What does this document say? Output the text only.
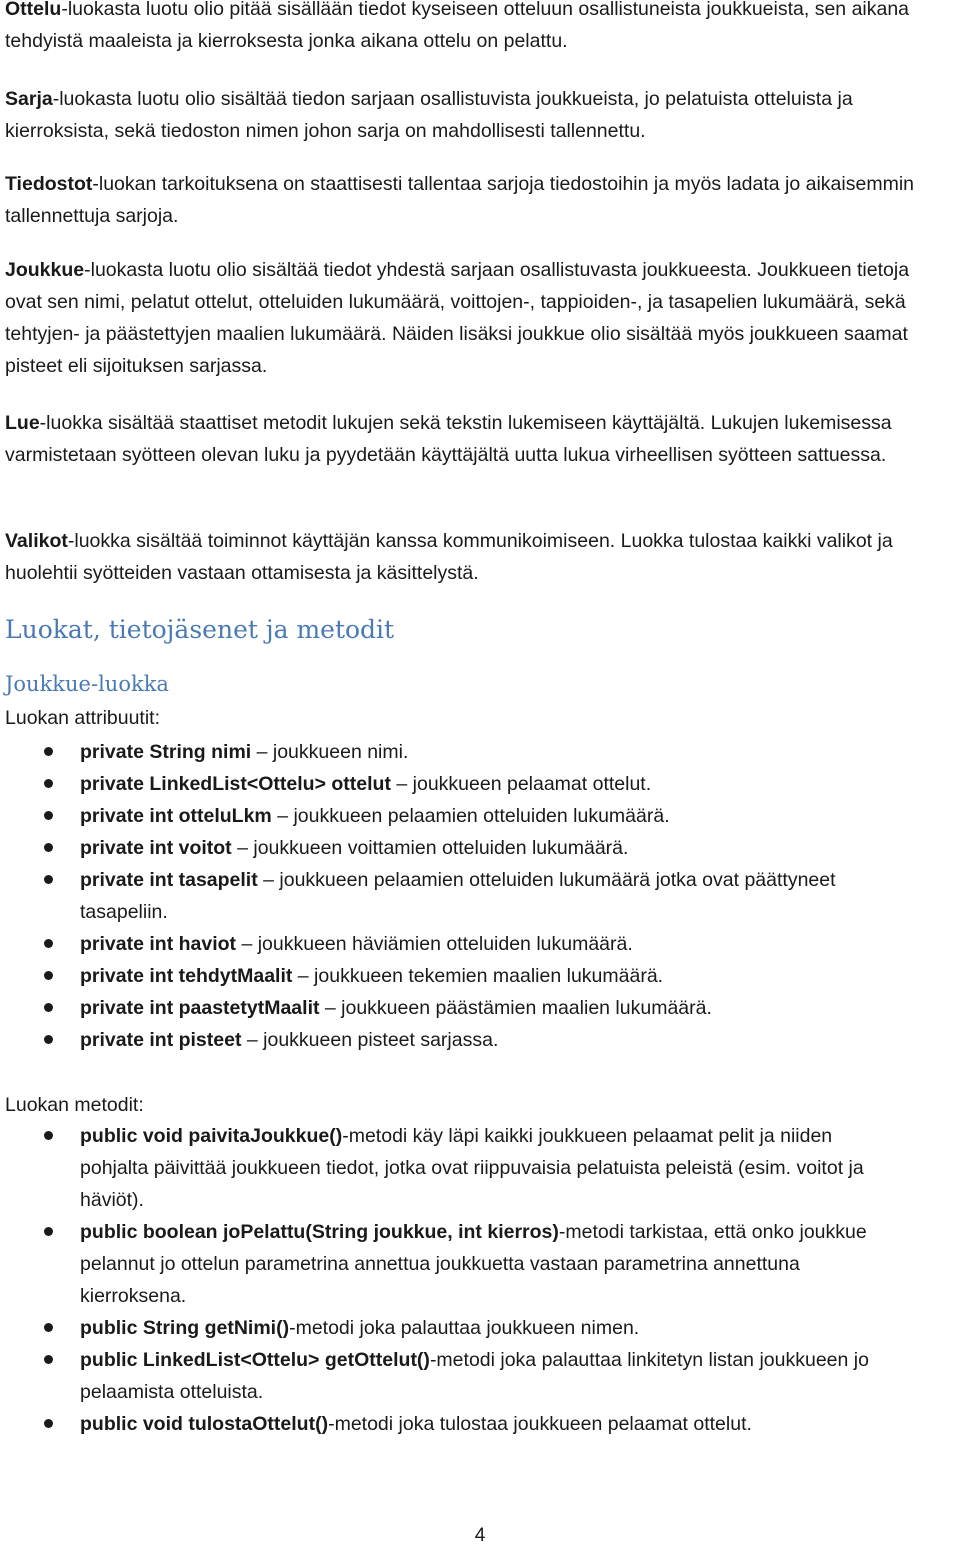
Ottelu-luokasta luotu olio pitää sisällään tiedot kyseiseen otteluun osallistuneista joukkueista, sen aikana tehdyistä maaleista ja kierroksesta jonka aikana ottelu on pelattu.

Sarja-luokasta luotu olio sisältää tiedon sarjaan osallistuvista joukkueista, jo pelatuista otteluista ja kierroksista, sekä tiedoston nimen johon sarja on mahdollisesti tallennettu.

Tiedostot-luokan tarkoituksena on staattisesti tallentaa sarjoja tiedostoihin ja myös ladata jo aikaisemmin tallennettuja sarjoja.

Joukkue-luokasta luotu olio sisältää tiedot yhdestä sarjaan osallistuvasta joukkueesta. Joukkueen tietoja ovat sen nimi, pelatut ottelut, otteluiden lukumäärä, voittojen-, tappioiden-, ja tasapelien lukumäärä, sekä tehtyjen- ja päästettyjen maalien lukumäärä. Näiden lisäksi joukkue olio sisältää myös joukkueen saamat pisteet eli sijoituksen sarjassa.

Lue-luokka sisältää staattiset metodit lukujen sekä tekstin lukemiseen käyttäjältä. Lukujen lukemisessa varmistetaan syötteen olevan luku ja pyydetään käyttäjältä uutta lukua virheellisen syötteen sattuessa.

Valikot-luokka sisältää toiminnot käyttäjän kanssa kommunikoimiseen. Luokka tulostaa kaikki valikot ja huolehtii syötteiden vastaan ottamisesta ja käsittelystä.

Luokat, tietojäsenet ja metodit
Joukkue-luokka

Luokan attribuutit:

private String nimi – joukkueen nimi.
private LinkedList<Ottelu> ottelut – joukkueen pelaamat ottelut.
private int otteluLkm – joukkueen pelaamien otteluiden lukumäärä.
private int voitot – joukkueen voittamien otteluiden lukumäärä.
private int tasapelit – joukkueen pelaamien otteluiden lukumäärä jotka ovat päättyneet tasapeliin.
private int haviot – joukkueen häviämien otteluiden lukumäärä.
private int tehdytMaalit – joukkueen tekemien maalien lukumäärä.
private int paastetytMaalit – joukkueen päästämien maalien lukumäärä.
private int pisteet – joukkueen pisteet sarjassa.

Luokan metodit:

public void paivitaJoukkue()-metodi käy läpi kaikki joukkueen pelaamat pelit ja niiden pohjalta päivittää joukkueen tiedot, jotka ovat riippuvaisia pelatuista peleistä (esim. voitot ja häviöt).
public boolean joPelattu(String joukkue, int kierros)-metodi tarkistaa, että onko joukkue pelannut jo ottelun parametrina annettua joukkuetta vastaan parametrina annettuna kierroksena.
public String getNimi()-metodi joka palauttaa joukkueen nimen.
public LinkedList<Ottelu> getOttelut()-metodi joka palauttaa linkitetyn listan joukkueen jo pelaamista otteluista.
public void tulostaOttelut()-metodi joka tulostaa joukkueen pelaamat ottelut.
4
